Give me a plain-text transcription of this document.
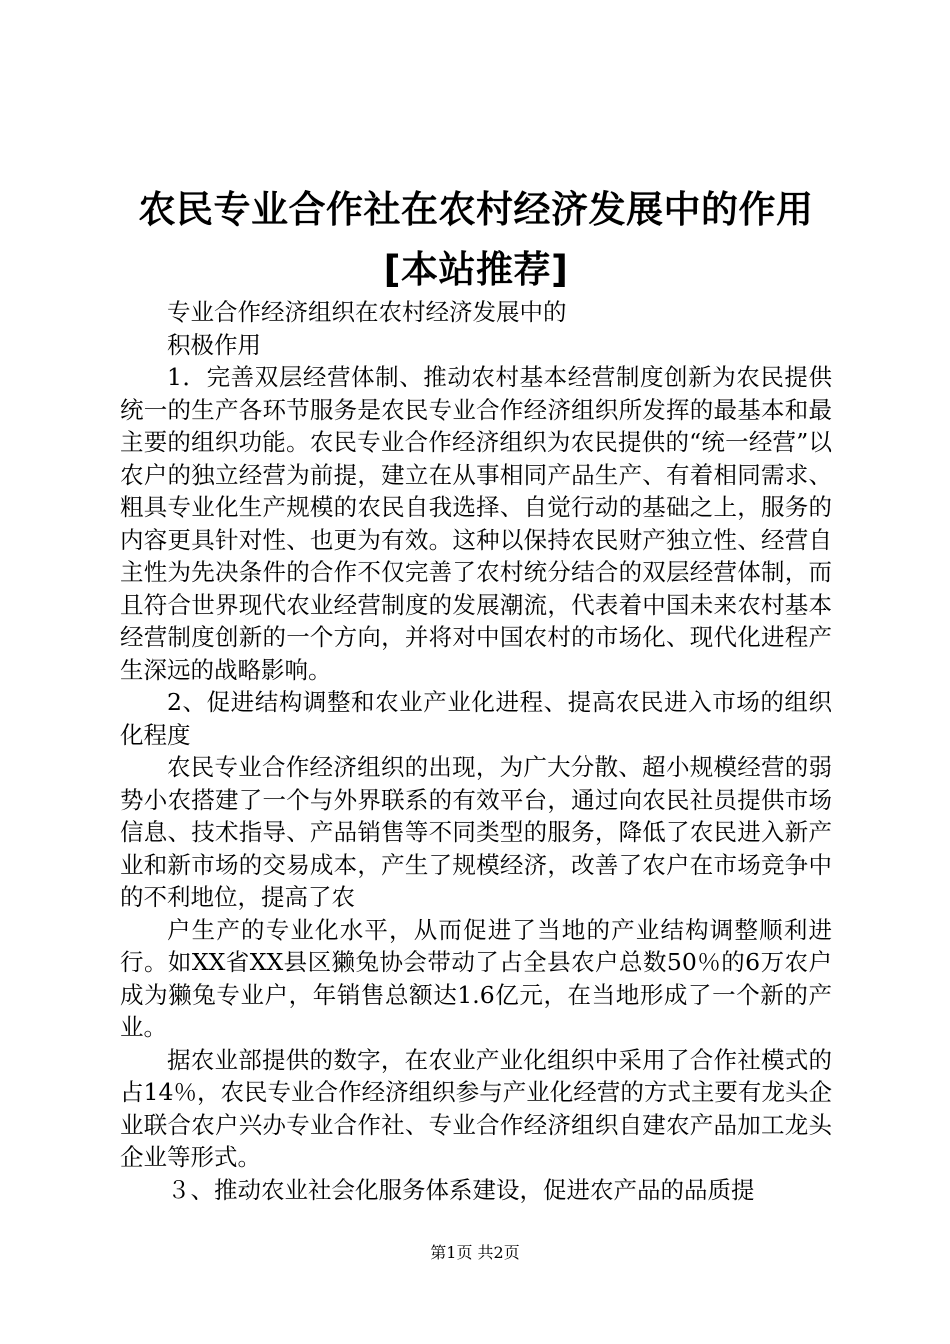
农民专业合作社在农村经济发展中的作用[本站推荐]

专业合作经济组织在农村经济发展中的

积极作用

1．完善双层经营体制、推动农村基本经营制度创新为农民提供统一的生产各环节服务是农民专业合作经济组织所发挥的最基本和最主要的组织功能。农民专业合作经济组织为农民提供的“统一经营”以农户的独立经营为前提，建立在从事相同产品生产、有着相同需求、粗具专业化生产规模的农民自我选择、自觉行动的基础之上，服务的内容更具针对性、也更为有效。这种以保持农民财产独立性、经营自主性为先决条件的合作不仅完善了农村统分结合的双层经营体制，而且符合世界现代农业经营制度的发展潮流，代表着中国未来农村基本经营制度创新的一个方向，并将对中国农村的市场化、现代化进程产生深远的战略影响。

2、促进结构调整和农业产业化进程、提高农民进入市场的组织化程度

农民专业合作经济组织的出现，为广大分散、超小规模经营的弱势小农搭建了一个与外界联系的有效平台，通过向农民社员提供市场信息、技术指导、产品销售等不同类型的服务，降低了农民进入新产业和新市场的交易成本，产生了规模经济，改善了农户在市场竞争中的不利地位，提高了农

户生产的专业化水平，从而促进了当地的产业结构调整顺利进行。如XX省XX县区獭兔协会带动了占全县农户总数50％的6万农户成为獭兔专业户，年销售总额达1.6亿元，在当地形成了一个新的产业。

据农业部提供的数字，在农业产业化组织中采用了合作社模式的占14％，农民专业合作经济组织参与产业化经营的方式主要有龙头企业联合农户兴办专业合作社、专业合作经济组织自建农产品加工龙头企业等形式。

３、推动农业社会化服务体系建设，促进农产品的品质提

第1页 共2页
